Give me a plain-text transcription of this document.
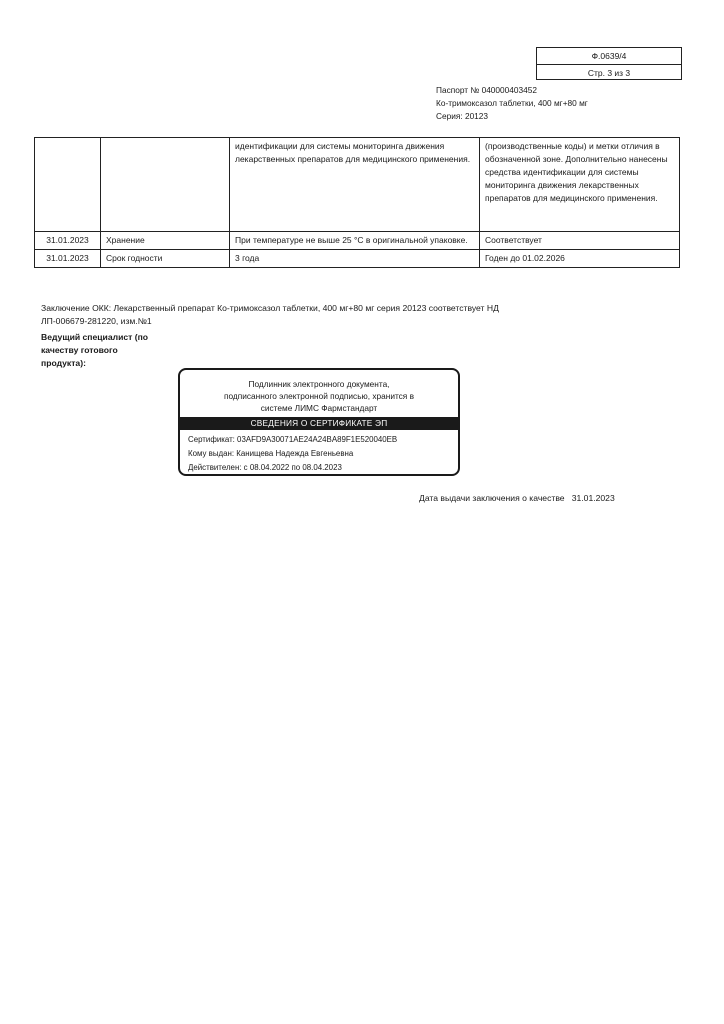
Ф.0639/4
Стр. 3 из 3
Паспорт № 040000403452
Ко-тримоксазол таблетки, 400 мг+80 мг
Серия: 20123
		идентификации для системы мониторинга движения лекарственных препаратов для медицинского применения.	(производственные коды) и метки отличия в обозначенной зоне. Дополнительно нанесены средства идентификации для системы мониторинга движения лекарственных препаратов для медицинского применения.
31.01.2023	Хранение	При температуре не выше 25 °С в оригинальной упаковке.	Соответствует
31.01.2023	Срок годности	3 года	Годен до 01.02.2026
Заключение ОКК: Лекарственный препарат Ко-тримоксазол таблетки, 400 мг+80 мг серия 20123 соответствует НД ЛП-006679-281220, изм.№1
Ведущий специалист (по качеству готового продукта):
Подлинник электронного документа,
подписанного электронной подписью, хранится в
системе ЛИМС Фармстандарт
СВЕДЕНИЯ О СЕРТИФИКАТЕ ЭП
Сертификат: 03AFD9A30071AE24A24BA89F1E520040EB
Кому выдан: Канищева Надежда Евгеньевна
Действителен: с 08.04.2022 по 08.04.2023
Дата выдачи заключения о качестве   31.01.2023
